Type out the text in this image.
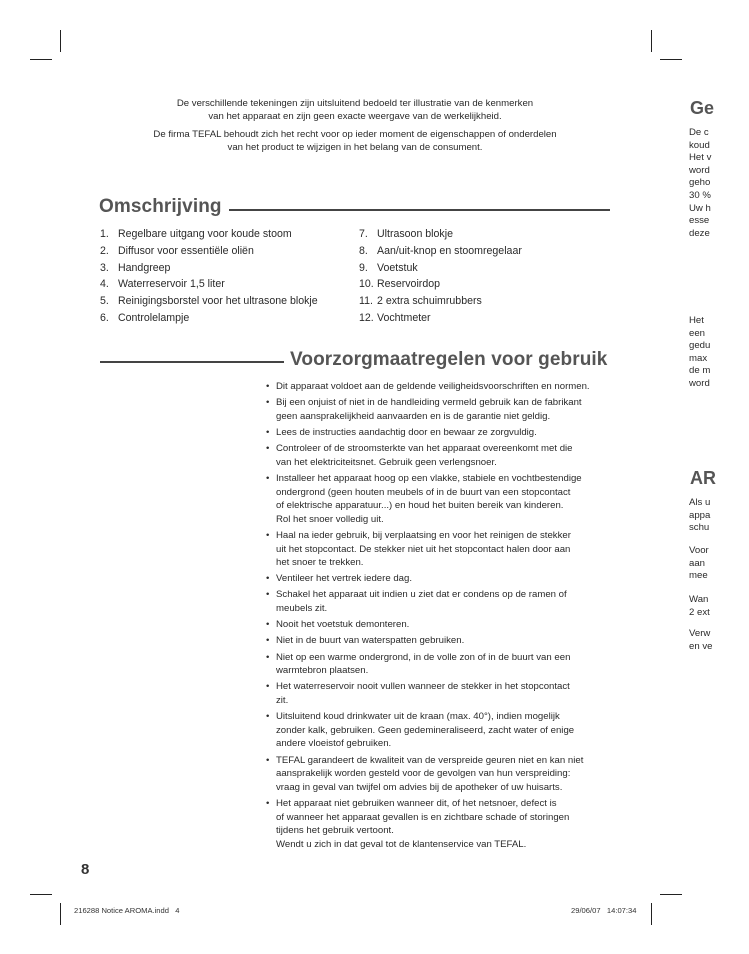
De verschillende tekeningen zijn uitsluitend bedoeld ter illustratie van de kenmerken
van het apparaat en zijn geen exacte weergave van de werkelijkheid.

De firma TEFAL behoudt zich het recht voor op ieder moment de eigenschappen of onderdelen
van het product te wijzigen in het belang van de consument.

Omschrijving
1. Regelbare uitgang voor koude stoom
2. Diffusor voor essentiële oliën
3. Handgreep
4. Waterreservoir 1,5 liter
5. Reinigingsborstel voor het ultrasone blokje
6. Controlelampje
7. Ultrasoon blokje
8. Aan/uit-knop en stoomregelaar
9. Voetstuk
10. Reservoirdop
11. 2 extra schuimrubbers
12. Vochtmeter
Voorzorgmaatregelen voor gebruik
• Dit apparaat voldoet aan de geldende veiligheidsvoorschriften en normen.
• Bij een onjuist of niet in de handleiding vermeld gebruik kan de fabrikant
geen aansprakelijkheid aanvaarden en is de garantie niet geldig.
• Lees de instructies aandachtig door en bewaar ze zorgvuldig.
• Controleer of de stroomsterkte van het apparaat overeenkomt met die
van het elektriciteitsnet. Gebruik geen verlengsnoer.
• Installeer het apparaat hoog op een vlakke, stabiele en vochtbestendige
ondergrond (geen houten meubels of in de buurt van een stopcontact
of elektrische apparatuur...) en houd het buiten bereik van kinderen.
Rol het snoer volledig uit.
• Haal na ieder gebruik, bij verplaatsing en voor het reinigen de stekker
uit het stopcontact. De stekker niet uit het stopcontact halen door aan
het snoer te trekken.
• Ventileer het vertrek iedere dag.
• Schakel het apparaat uit indien u ziet dat er condens op de ramen of
meubels zit.
• Nooit het voetstuk demonteren.
• Niet in de buurt van waterspatten gebruiken.
• Niet op een warme ondergrond, in de volle zon of in de buurt van een
warmtebron plaatsen.
• Het waterreservoir nooit vullen wanneer de stekker in het stopcontact
zit.
• Uitsluitend koud drinkwater uit de kraan (max. 40°), indien mogelijk
zonder kalk, gebruiken. Geen gedemineraliseerd, zacht water of enige
andere vloeistof gebruiken.
• TEFAL garandeert de kwaliteit van de verspreide geuren niet en kan niet
aansprakelijk worden gesteld voor de gevolgen van hun verspreiding:
vraag in geval van twijfel om advies bij de apotheker of uw huisarts.
• Het apparaat niet gebruiken wanneer dit, of het netsnoer, defect is
of wanneer het apparaat gevallen is en zichtbare schade of storingen
tijdens het gebruik vertoont.
Wendt u zich in dat geval tot de klantenservice van TEFAL.
8
216288 Notice AROMA.indd   4	29/06/07   14:07:34
Ge
De c
koud
Het v
word
geho
30 %
Uw h
esse
deze
Het
een
gedu
max
de m
word
AR
Als u
appa
schu
Voor
aan
mee
Wan
2 ext
Verw
en ve
